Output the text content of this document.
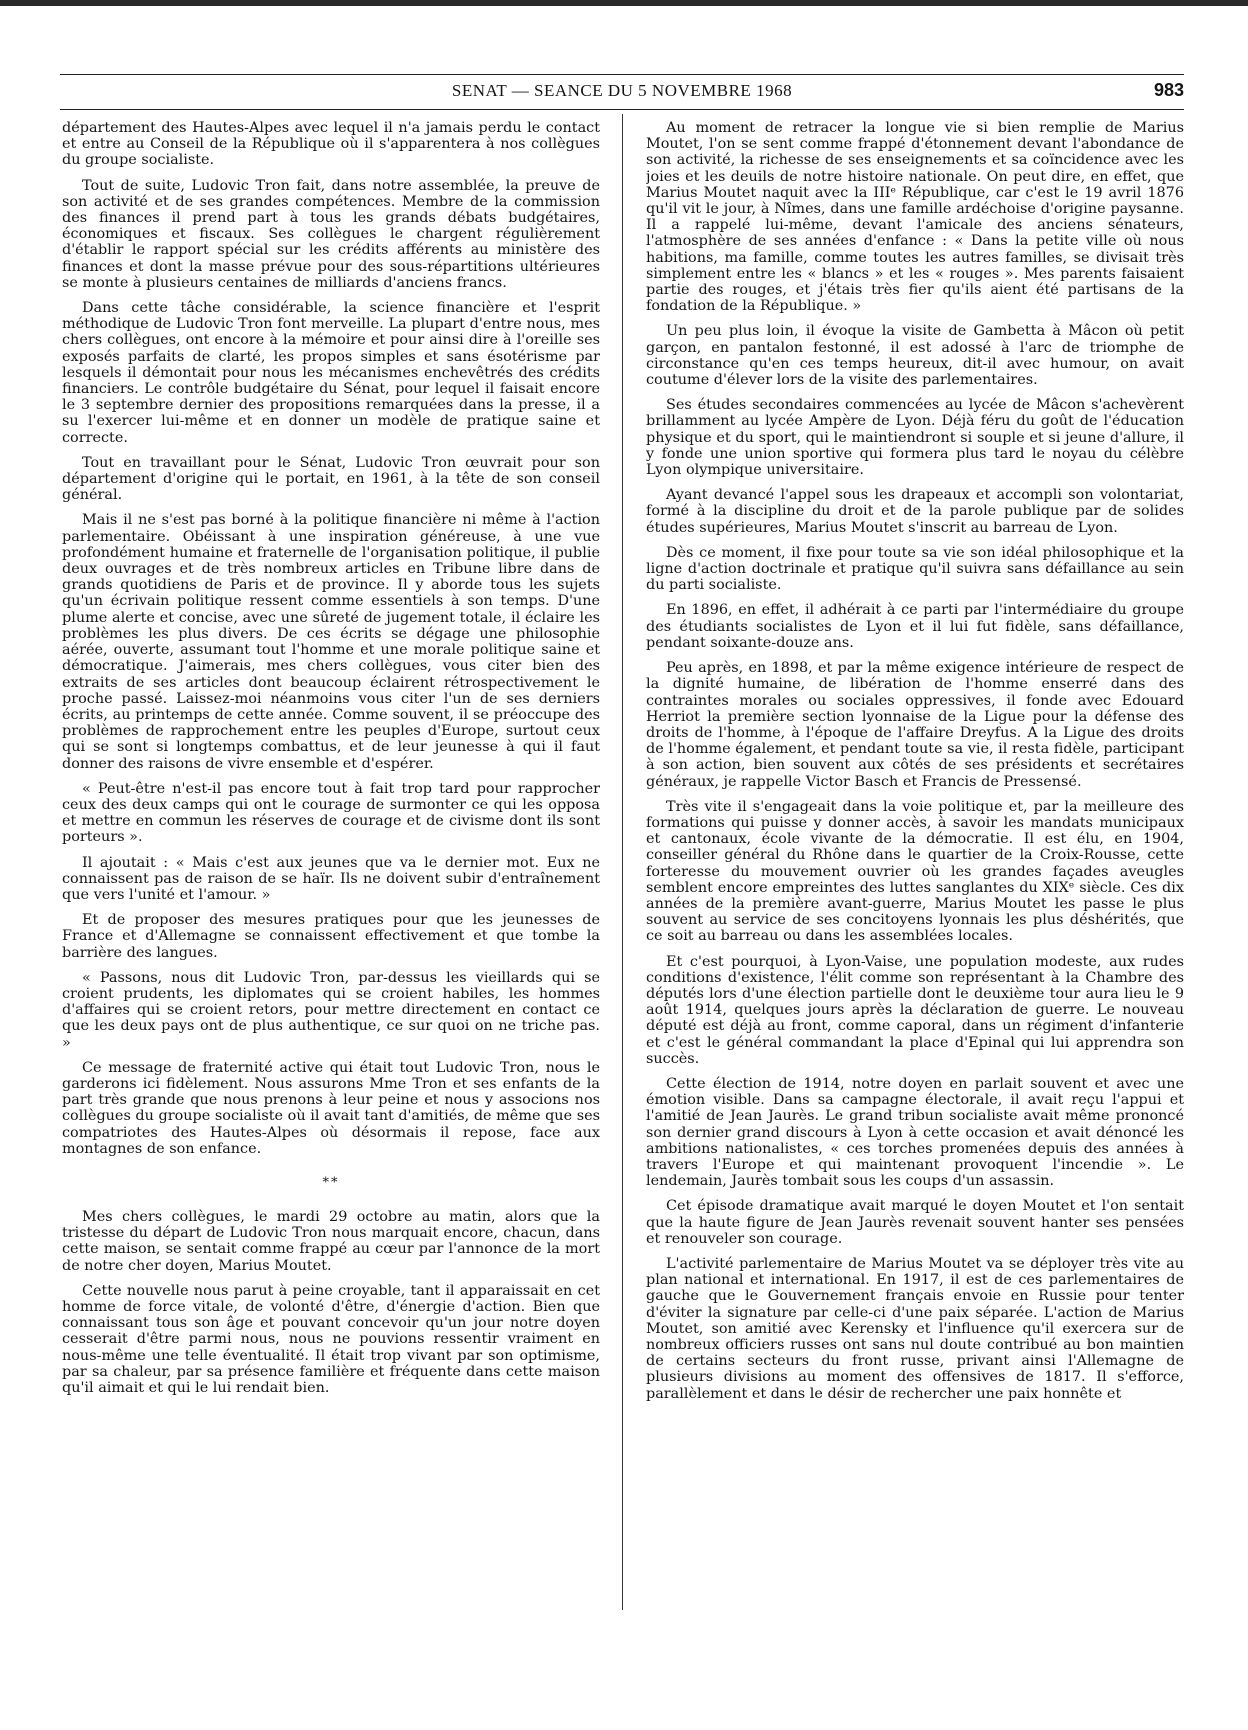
SENAT — SEANCE DU 5 NOVEMBRE 1968	983

département des Hautes-Alpes avec lequel il n'a jamais perdu le contact et entre au Conseil de la République où il s'apparentera à nos collègues du groupe socialiste.

Tout de suite, Ludovic Tron fait, dans notre assemblée, la preuve de son activité et de ses grandes compétences. Membre de la commission des finances il prend part à tous les grands débats budgétaires, économiques et fiscaux. Ses collègues le chargent régulièrement d'établir le rapport spécial sur les crédits afférents au ministère des finances et dont la masse prévue pour des sous-répartitions ultérieures se monte à plusieurs centaines de milliards d'anciens francs.

Dans cette tâche considérable, la science financière et l'esprit méthodique de Ludovic Tron font merveille. La plupart d'entre nous, mes chers collègues, ont encore à la mémoire et pour ainsi dire à l'oreille ses exposés parfaits de clarté, les propos simples et sans ésotérisme par lesquels il démontait pour nous les mécanismes enchevêtrés des crédits financiers. Le contrôle budgétaire du Sénat, pour lequel il faisait encore le 3 septembre dernier des propositions remarquées dans la presse, il a su l'exercer lui-même et en donner un modèle de pratique saine et correcte.

Tout en travaillant pour le Sénat, Ludovic Tron œuvrait pour son département d'origine qui le portait, en 1961, à la tête de son conseil général.

Mais il ne s'est pas borné à la politique financière ni même à l'action parlementaire. Obéissant à une inspiration généreuse, à une vue profondément humaine et fraternelle de l'organisation politique, il publie deux ouvrages et de très nombreux articles en Tribune libre dans de grands quotidiens de Paris et de province. Il y aborde tous les sujets qu'un écrivain politique ressent comme essentiels à son temps. D'une plume alerte et concise, avec une sûreté de jugement totale, il éclaire les problèmes les plus divers. De ces écrits se dégage une philosophie aérée, ouverte, assumant tout l'homme et une morale politique saine et démocratique. J'aimerais, mes chers collègues, vous citer bien des extraits de ses articles dont beaucoup éclairent rétrospectivement le proche passé. Laissez-moi néanmoins vous citer l'un de ses derniers écrits, au printemps de cette année. Comme souvent, il se préoccupe des problèmes de rapprochement entre les peuples d'Europe, surtout ceux qui se sont si longtemps combattus, et de leur jeunesse à qui il faut donner des raisons de vivre ensemble et d'espérer.

« Peut-être n'est-il pas encore tout à fait trop tard pour rapprocher ceux des deux camps qui ont le courage de surmonter ce qui les opposa et mettre en commun les réserves de courage et de civisme dont ils sont porteurs ».

Il ajoutait : « Mais c'est aux jeunes que va le dernier mot. Eux ne connaissent pas de raison de se haïr. Ils ne doivent subir d'entraînement que vers l'unité et l'amour. »

Et de proposer des mesures pratiques pour que les jeunesses de France et d'Allemagne se connaissent effectivement et que tombe la barrière des langues.

« Passons, nous dit Ludovic Tron, par-dessus les vieillards qui se croient prudents, les diplomates qui se croient habiles, les hommes d'affaires qui se croient retors, pour mettre directement en contact ce que les deux pays ont de plus authentique, ce sur quoi on ne triche pas. »

Ce message de fraternité active qui était tout Ludovic Tron, nous le garderons ici fidèlement. Nous assurons Mme Tron et ses enfants de la part très grande que nous prenons à leur peine et nous y associons nos collègues du groupe socialiste où il avait tant d'amitiés, de même que ses compatriotes des Hautes-Alpes où désormais il repose, face aux montagnes de son enfance.

⁎⁎

Mes chers collègues, le mardi 29 octobre au matin, alors que la tristesse du départ de Ludovic Tron nous marquait encore, chacun, dans cette maison, se sentait comme frappé au cœur par l'annonce de la mort de notre cher doyen, Marius Moutet.

Cette nouvelle nous parut à peine croyable, tant il apparaissait en cet homme de force vitale, de volonté d'être, d'énergie d'action. Bien que connaissant tous son âge et pouvant concevoir qu'un jour notre doyen cesserait d'être parmi nous, nous ne pouvions ressentir vraiment en nous-même une telle éventualité. Il était trop vivant par son optimisme, par sa chaleur, par sa présence familière et fréquente dans cette maison qu'il aimait et qui le lui rendait bien.

Au moment de retracer la longue vie si bien remplie de Marius Moutet, l'on se sent comme frappé d'étonnement devant l'abondance de son activité, la richesse de ses enseignements et sa coïncidence avec les joies et les deuils de notre histoire nationale. On peut dire, en effet, que Marius Moutet naquit avec la IIIᵉ République, car c'est le 19 avril 1876 qu'il vit le jour, à Nîmes, dans une famille ardéchoise d'origine paysanne. Il a rappelé lui-même, devant l'amicale des anciens sénateurs, l'atmosphère de ses années d'enfance : « Dans la petite ville où nous habitions, ma famille, comme toutes les autres familles, se divisait très simplement entre les « blancs » et les « rouges ». Mes parents faisaient partie des rouges, et j'étais très fier qu'ils aient été partisans de la fondation de la République. »

Un peu plus loin, il évoque la visite de Gambetta à Mâcon où petit garçon, en pantalon festonné, il est adossé à l'arc de triomphe de circonstance qu'en ces temps heureux, dit-il avec humour, on avait coutume d'élever lors de la visite des parlementaires.

Ses études secondaires commencées au lycée de Mâcon s'achevèrent brillamment au lycée Ampère de Lyon. Déjà féru du goût de l'éducation physique et du sport, qui le maintiendront si souple et si jeune d'allure, il y fonde une union sportive qui formera plus tard le noyau du célèbre Lyon olympique universitaire.

Ayant devancé l'appel sous les drapeaux et accompli son volontariat, formé à la discipline du droit et de la parole publique par de solides études supérieures, Marius Moutet s'inscrit au barreau de Lyon.

Dès ce moment, il fixe pour toute sa vie son idéal philosophique et la ligne d'action doctrinale et pratique qu'il suivra sans défaillance au sein du parti socialiste.

En 1896, en effet, il adhérait à ce parti par l'intermédiaire du groupe des étudiants socialistes de Lyon et il lui fut fidèle, sans défaillance, pendant soixante-douze ans.

Peu après, en 1898, et par la même exigence intérieure de respect de la dignité humaine, de libération de l'homme enserré dans des contraintes morales ou sociales oppressives, il fonde avec Edouard Herriot la première section lyonnaise de la Ligue pour la défense des droits de l'homme, à l'époque de l'affaire Dreyfus. A la Ligue des droits de l'homme également, et pendant toute sa vie, il resta fidèle, participant à son action, bien souvent aux côtés de ses présidents et secrétaires généraux, je rappelle Victor Basch et Francis de Pressensé.

Très vite il s'engageait dans la voie politique et, par la meilleure des formations qui puisse y donner accès, à savoir les mandats municipaux et cantonaux, école vivante de la démocratie. Il est élu, en 1904, conseiller général du Rhône dans le quartier de la Croix-Rousse, cette forteresse du mouvement ouvrier où les grandes façades aveugles semblent encore empreintes des luttes sanglantes du XIXᵉ siècle. Ces dix années de la première avant-guerre, Marius Moutet les passe le plus souvent au service de ses concitoyens lyonnais les plus déshérités, que ce soit au barreau ou dans les assemblées locales.

Et c'est pourquoi, à Lyon-Vaise, une population modeste, aux rudes conditions d'existence, l'élit comme son représentant à la Chambre des députés lors d'une élection partielle dont le deuxième tour aura lieu le 9 août 1914, quelques jours après la déclaration de guerre. Le nouveau député est déjà au front, comme caporal, dans un régiment d'infanterie et c'est le général commandant la place d'Epinal qui lui apprendra son succès.

Cette élection de 1914, notre doyen en parlait souvent et avec une émotion visible. Dans sa campagne électorale, il avait reçu l'appui et l'amitié de Jean Jaurès. Le grand tribun socialiste avait même prononcé son dernier grand discours à Lyon à cette occasion et avait dénoncé les ambitions nationalistes, « ces torches promenées depuis des années à travers l'Europe et qui maintenant provoquent l'incendie ». Le lendemain, Jaurès tombait sous les coups d'un assassin.

Cet épisode dramatique avait marqué le doyen Moutet et l'on sentait que la haute figure de Jean Jaurès revenait souvent hanter ses pensées et renouveler son courage.

L'activité parlementaire de Marius Moutet va se déployer très vite au plan national et international. En 1917, il est de ces parlementaires de gauche que le Gouvernement français envoie en Russie pour tenter d'éviter la signature par celle-ci d'une paix séparée. L'action de Marius Moutet, son amitié avec Kerensky et l'influence qu'il exercera sur de nombreux officiers russes ont sans nul doute contribué au bon maintien de certains secteurs du front russe, privant ainsi l'Allemagne de plusieurs divisions au moment des offensives de 1817. Il s'efforce, parallèlement et dans le désir de rechercher une paix honnête et
